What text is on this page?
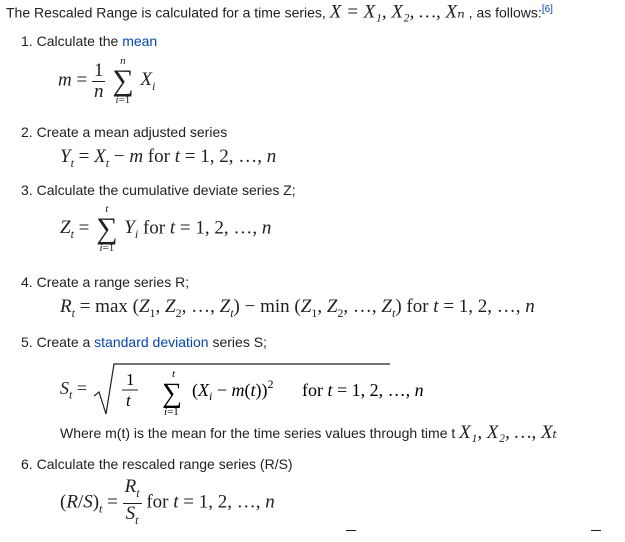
The Rescaled Range is calculated for a time series, X = X₁, X₂, …, Xₙ , as follows:[6]
1. Calculate the mean
$m = \frac{1}{n}$
	n
∑
i=1
$X_i$
2. Create a mean adjusted series
$Y_t = X_t - m$ for t = 1, 2, …, n
3. Calculate the cumulative deviate series Z;
$Z_t$ =
t
∑
i=1
$Y_i$ for t = 1, 2, …, n
4. Create a range series R;
$R_t = \max (Z_1$, $Z_2$, …, $Z_t) - \min (Z_1$, $Z_2$, …, $Z_t$) for t = 1, 2, …, n
5. Create a standard deviation series S;
$S_t = 1$
t
t
∑
i=1
$(X_i - m(t))^2$ for t = 1, 2, …, n
Where m(t) is the mean for the time series values through time t X₁, X₂, …, Xₜ
6. Calculate the rescaled range series (R/S)
$(R/S)_t = \frac{R_t}{S_t}$ for t = 1, 2, …, n
